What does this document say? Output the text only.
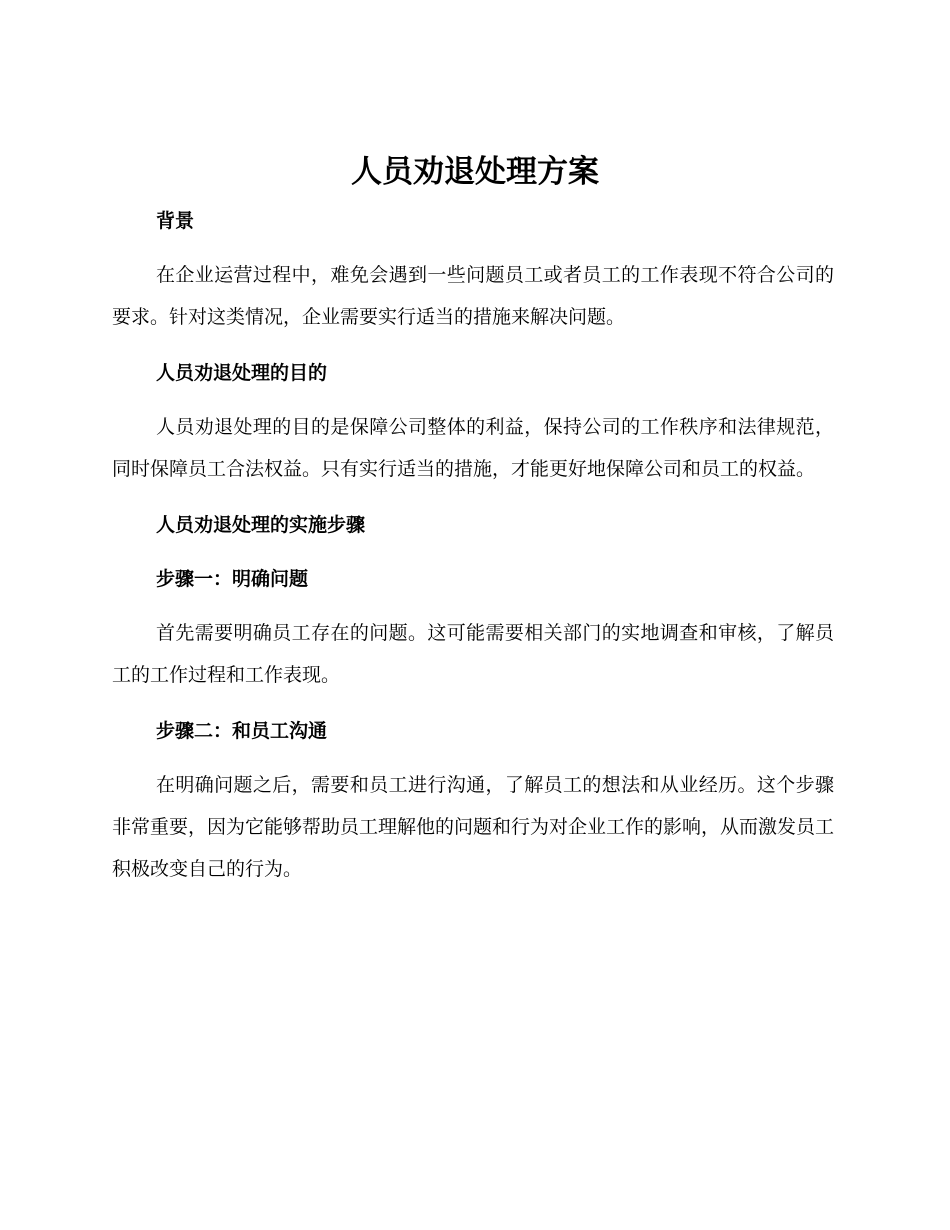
人员劝退处理方案
背景

在企业运营过程中，难免会遇到一些问题员工或者员工的工作表现不符合公司的要求。针对这类情况，企业需要实行适当的措施来解决问题。

人员劝退处理的目的

人员劝退处理的目的是保障公司整体的利益，保持公司的工作秩序和法律规范，同时保障员工合法权益。只有实行适当的措施，才能更好地保障公司和员工的权益。

人员劝退处理的实施步骤
步骤一：明确问题

首先需要明确员工存在的问题。这可能需要相关部门的实地调查和审核，了解员工的工作过程和工作表现。

步骤二：和员工沟通

在明确问题之后，需要和员工进行沟通，了解员工的想法和从业经历。这个步骤非常重要，因为它能够帮助员工理解他的问题和行为对企业工作的影响，从而激发员工积极改变自己的行为。
